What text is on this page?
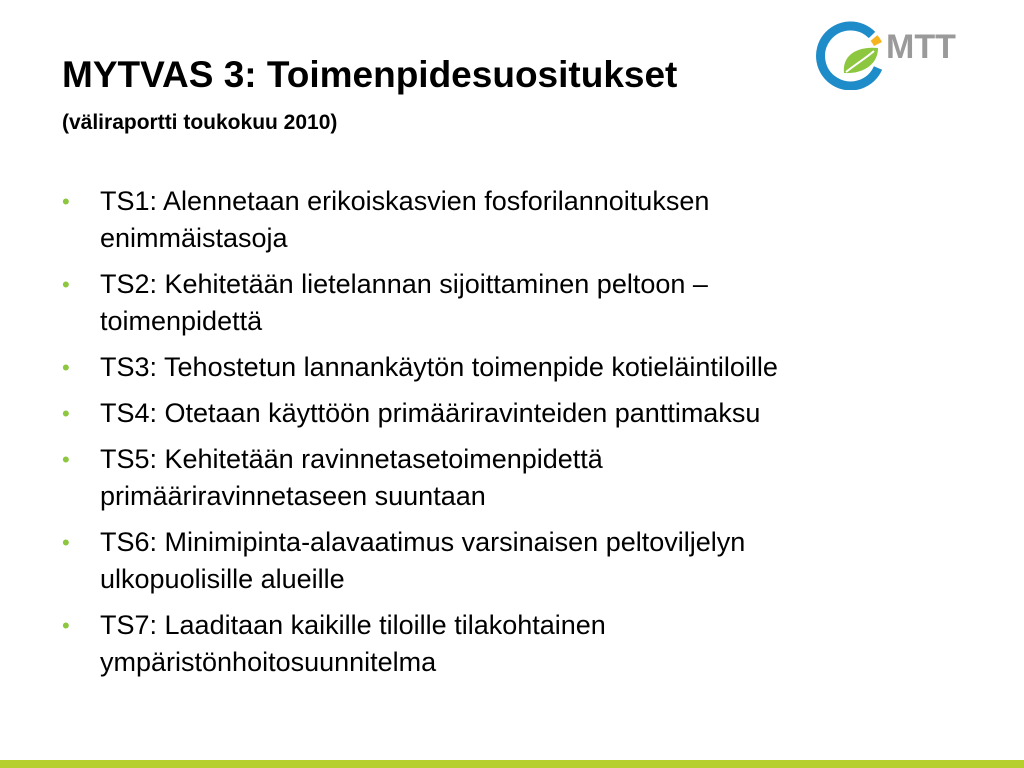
MYTVAS 3: Toimenpidesuositukset
(väliraportti toukokuu 2010)
MTT
• TS1: Alennetaan erikoiskasvien fosforilannoituksen
enimmäistasoja
• TS2: Kehitetään lietelannan sijoittaminen peltoon –
toimenpidettä
• TS3: Tehostetun lannankäytön toimenpide kotieläintiloille
• TS4: Otetaan käyttöön primääriravinteiden panttimaksu
• TS5: Kehitetään ravinnetasetoimenpidettä
primääriravinnetaseen suuntaan
• TS6: Minimipinta-alavaatimus varsinaisen peltoviljelyn
ulkopuolisille alueille
• TS7: Laaditaan kaikille tiloille tilakohtainen
ympäristönhoitosuunnitelma
